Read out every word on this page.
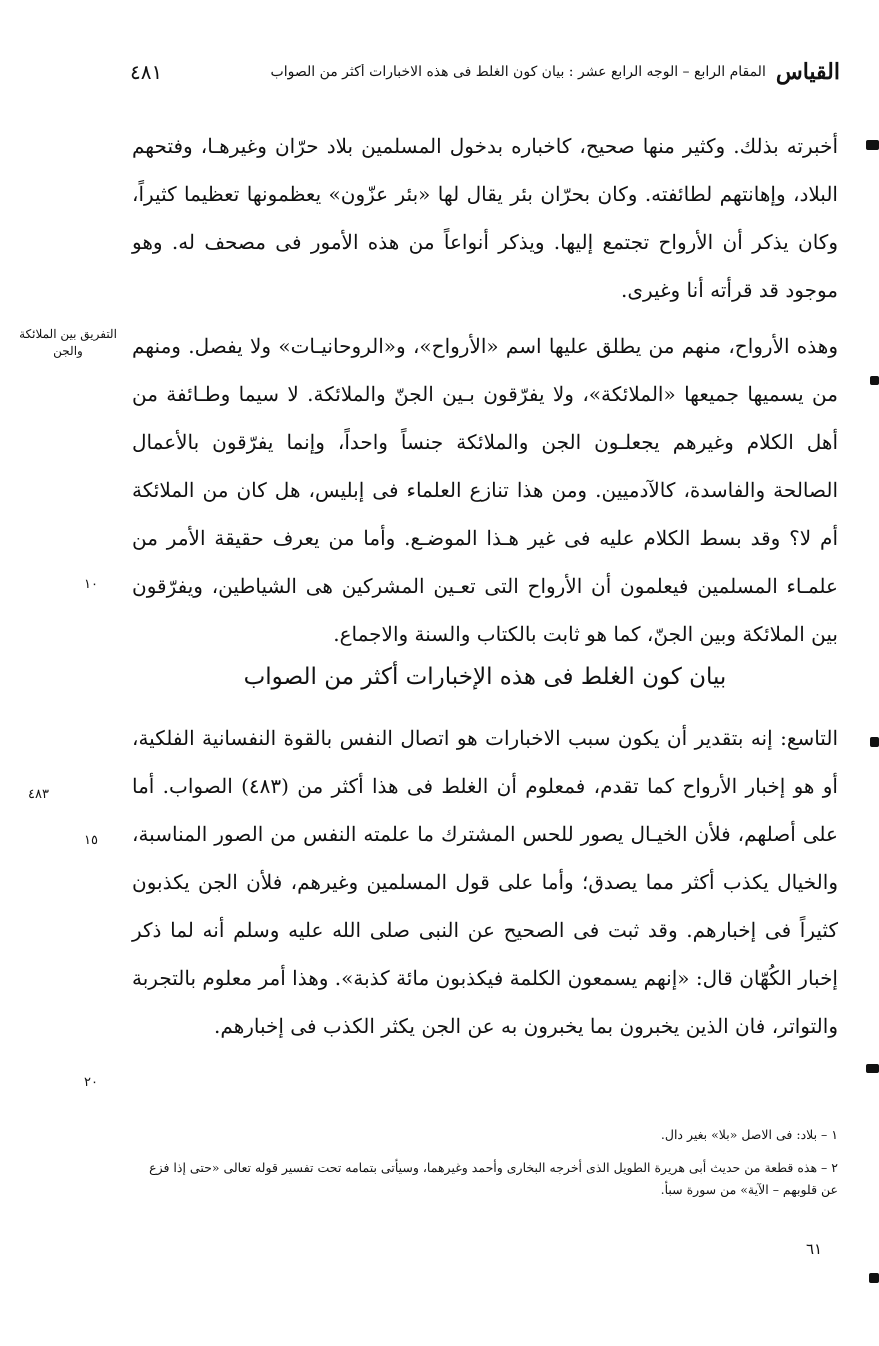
القياس
المقام الرابع – الوجه الرابع عشر : بيان كون الغلط فى هذه الاخبارات أكثر من الصواب
٤٨١

أخبرته بذلك. وكثير منها صحيح، كاخباره بدخول المسلمين بلاد حرّان وغيرهـا، وفتحهم البلاد، وإهانتهم لطائفته. وكان بحرّان بئر يقال لها «بئر عزّون» يعظمونها تعظيما كثيراً، وكان يذكر أن الأرواح تجتمع إليها. ويذكر أنواعاً من هذه الأمور فى مصحف له. وهو موجود قد قرأته أنا وغيرى.

التفريق بين الملائكة والجن	وهذه الأرواح، منهم من يطلق عليها اسم «الأرواح»، و«الروحانيـات» ولا يفصل. ومنهم من يسميها جميعها «الملائكة»، ولا يفرّقون بـين الجنّ والملائكة. لا سيما وطـائفة من أهل الكلام وغيرهم يجعلـون الجن والملائكة جنساً واحداً، وإنما يفرّقون بالأعمال الصالحة والفاسدة، كالآدميين. ومن هذا تنازع العلماء فى إبليس، هل كان من الملائكة أم لا؟ وقد بسط الكلام عليه فى غير هـذا الموضـع. وأما من يعرف حقيقة الأمر من علمـاء المسلمين فيعلمون أن الأرواح التى تعـين المشركين هى الشياطين، ويفرّقون بين الملائكة وبين الجنّ، كما هو ثابت بالكتاب والسنة والاجماع.

١٠
بيان كون الغلط فى هذه الإخبارات أكثر من الصواب

التاسع: إنه بتقدير أن يكون سبب الاخبارات هو اتصال النفس بالقوة النفسانية الفلكية، أو هو إخبار الأرواح كما تقدم، فمعلوم أن الغلط فى هذا أكثر من (٤٨٣) الصواب. أما على أصلهم، فلأن الخيـال يصور للحس المشترك ما علمته النفس من الصور المناسبة، والخيال يكذب أكثر مما يصدق؛ وأما على قول المسلمين وغيرهم، فلأن الجن يكذبون كثيراً فى إخبارهم. وقد ثبت فى الصحيح عن النبى صلى الله عليه وسلم أنه لما ذكر إخبار الكُهّان قال: «إنهم يسمعون الكلمة فيكذبون مائة كذبة». وهذا أمر معلوم بالتجربة والتواتر، فان الذين يخبرون بما يخبرون به عن الجن يكثر الكذب فى إخبارهم.

٤٨٣
١٥
٢٠
١ – بلاد: فى الاصل «بلا» بغير دال.
٢ – هذه قطعة من حديث أبى هريرة الطويل الذى أخرجه البخارى وأحمد وغيرهما، وسيأتى بتمامه تحت تفسير قوله تعالى «حتى إذا فزع عن قلوبهم – الآية» من سورة سبأ.
٦١
